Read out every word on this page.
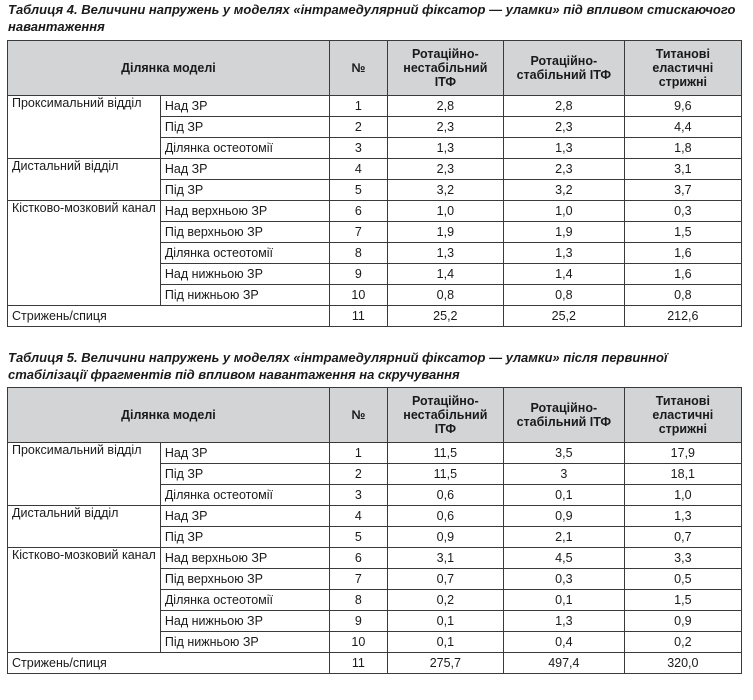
Таблиця 4. Величини напружень у моделях «інтрамедулярний фіксатор — уламки» під впливом стискаючого навантаження
Ділянка моделі		№	Ротаційно-нестабільний ІТФ	Ротаційно-стабільний ІТФ	Титанові еластичні стрижні
Проксимальний відділ	Над ЗР	1	2,8	2,8	9,6
	Під ЗР	2	2,3	2,3	4,4
	Ділянка остеотомії	3	1,3	1,3	1,8
Дистальний відділ	Над ЗР	4	2,3	2,3	3,1
	Під ЗР	5	3,2	3,2	3,7
Кістково-мозковий канал	Над верхньою ЗР	6	1,0	1,0	0,3
	Під верхньою ЗР	7	1,9	1,9	1,5
	Ділянка остеотомії	8	1,3	1,3	1,6
	Над нижньою ЗР	9	1,4	1,4	1,6
	Під нижньою ЗР	10	0,8	0,8	0,8
Стрижень/спиця		11	25,2	25,2	212,6
Таблиця 5. Величини напружень у моделях «інтрамедулярний фіксатор — уламки» після первинної стабілізації фрагментів під впливом навантаження на скручування
Ділянка моделі		№	Ротаційно-нестабільний ІТФ	Ротаційно-стабільний ІТФ	Титанові еластичні стрижні
Проксимальний відділ	Над ЗР	1	11,5	3,5	17,9
	Під ЗР	2	11,5	3	18,1
	Ділянка остеотомії	3	0,6	0,1	1,0
Дистальний відділ	Над ЗР	4	0,6	0,9	1,3
	Під ЗР	5	0,9	2,1	0,7
Кістково-мозковий канал	Над верхньою ЗР	6	3,1	4,5	3,3
	Під верхньою ЗР	7	0,7	0,3	0,5
	Ділянка остеотомії	8	0,2	0,1	1,5
	Над нижньою ЗР	9	0,1	1,3	0,9
	Під нижньою ЗР	10	0,1	0,4	0,2
Стрижень/спиця		11	275,7	497,4	320,0
